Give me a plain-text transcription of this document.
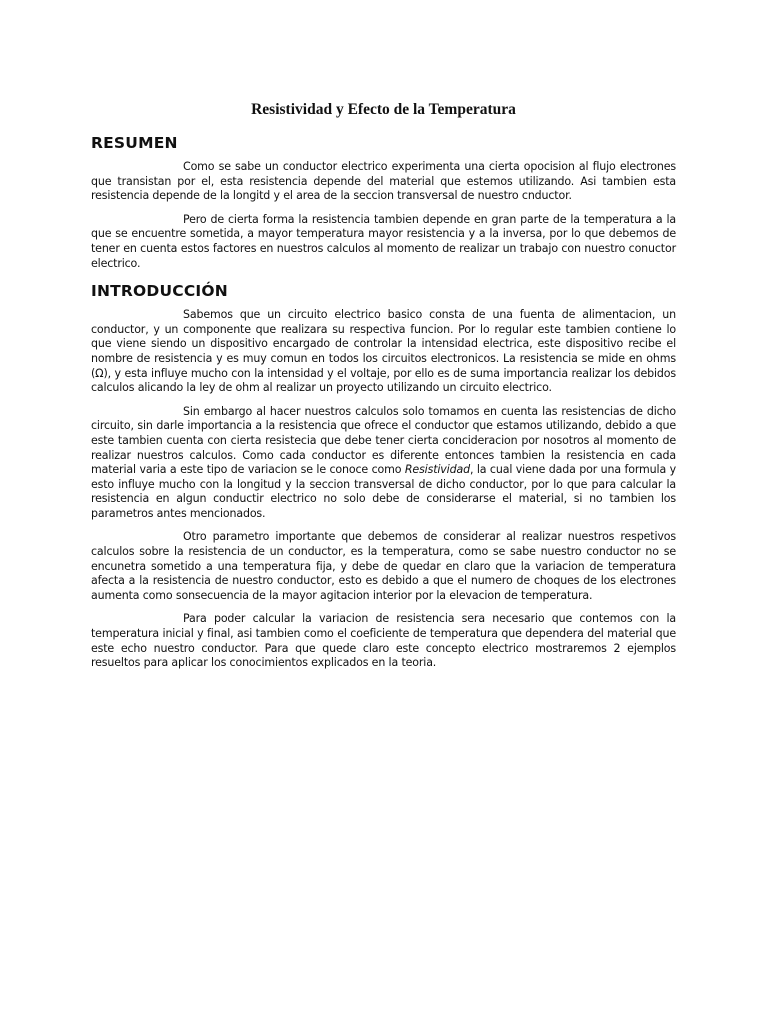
Resistividad y Efecto de la Temperatura
RESUMEN

Como se sabe un conductor electrico experimenta una cierta opocision al flujo electrones que transistan por el, esta resistencia depende del material que estemos utilizando. Asi tambien esta resistencia depende de la longitd y el area de la seccion transversal de nuestro cnductor.

Pero de cierta forma la resistencia tambien depende en gran parte de la temperatura a la que se encuentre sometida, a mayor temperatura mayor resistencia y a la inversa, por lo que debemos de tener en cuenta estos factores en nuestros calculos al momento de realizar un trabajo con nuestro conuctor electrico.

INTRODUCCIÓN

Sabemos que un circuito electrico basico consta de una fuenta de alimentacion, un conductor, y un componente que realizara su respectiva funcion. Por lo regular este tambien contiene lo que viene siendo un dispositivo encargado de controlar la intensidad electrica, este dispositivo recibe el nombre de resistencia y es muy comun en todos los circuitos electronicos. La resistencia se mide en ohms (Ω), y esta influye mucho con la intensidad y el voltaje, por ello es de suma importancia realizar los debidos calculos alicando la ley de ohm al realizar un proyecto utilizando un circuito electrico.

Sin embargo al hacer nuestros calculos solo tomamos en cuenta las resistencias de dicho circuito, sin darle importancia a la resistencia que ofrece el conductor que estamos utilizando, debido a que este tambien cuenta con cierta resistecia que debe tener cierta concideracion por nosotros al momento de realizar nuestros calculos. Como cada conductor es diferente entonces tambien la resistencia en cada material varia a este tipo de variacion se le conoce como Resistividad, la cual viene dada por una formula y esto influye mucho con la longitud y la seccion transversal de dicho conductor, por lo que para calcular la resistencia en algun conductir electrico no solo debe de considerarse el material, si no tambien los parametros antes mencionados.

Otro parametro importante que debemos de considerar al realizar nuestros respetivos calculos sobre la resistencia de un conductor, es la temperatura, como se sabe nuestro conductor no se encunetra sometido a una temperatura fija, y debe de quedar en claro que la variacion de temperatura afecta a la resistencia de nuestro conductor, esto es debido a que el numero de choques de los electrones aumenta como sonsecuencia de la mayor agitacion interior por la elevacion de temperatura.

Para poder calcular la variacion de resistencia sera necesario que contemos con la temperatura inicial y final, asi tambien como el coeficiente de temperatura que dependera del material que este echo nuestro conductor. Para que quede claro este concepto electrico mostraremos 2 ejemplos resueltos para aplicar los conocimientos explicados en la teoria.
